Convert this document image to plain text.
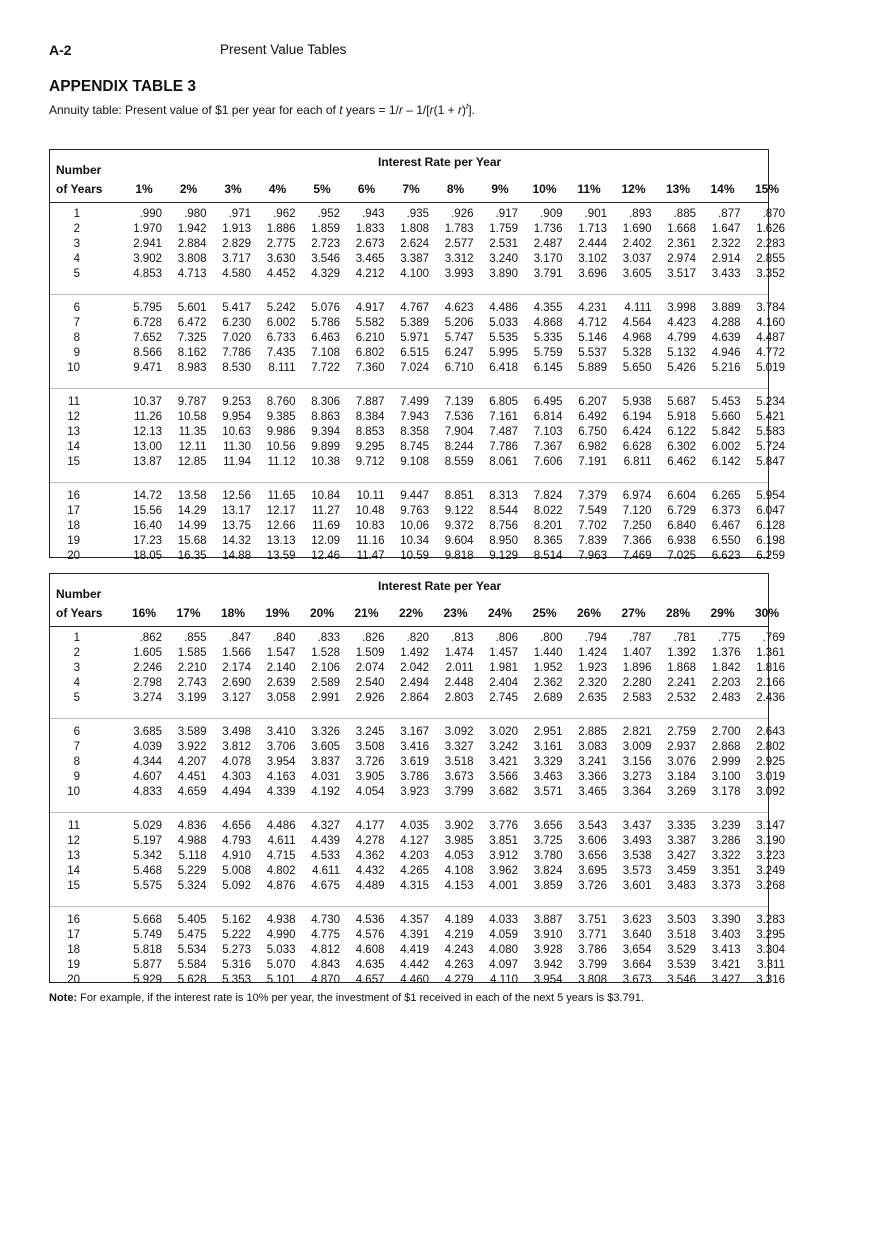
A-2	Present Value Tables
APPENDIX TABLE 3
Annuity table: Present value of $1 per year for each of t years = $1/r - 1/[r(1 + r)^t]$.
Number
of Years
Interest Rate per Year
1%	2%	3%	4%	5%	6%	7%	8%	9%	10%	11%	12%	13%	14%	15%
1	.990	.980	.971	.962	.952	.943	.935	.926	.917	.909	.901	.893	.885	.877	.870
2	1.970	1.942	1.913	1.886	1.859	1.833	1.808	1.783	1.759	1.736	1.713	1.690	1.668	1.647	1.626
3	2.941	2.884	2.829	2.775	2.723	2.673	2.624	2.577	2.531	2.487	2.444	2.402	2.361	2.322	2.283
4	3.902	3.808	3.717	3.630	3.546	3.465	3.387	3.312	3.240	3.170	3.102	3.037	2.974	2.914	2.855
5	4.853	4.713	4.580	4.452	4.329	4.212	4.100	3.993	3.890	3.791	3.696	3.605	3.517	3.433	3.352
6	5.795	5.601	5.417	5.242	5.076	4.917	4.767	4.623	4.486	4.355	4.231	4.111	3.998	3.889	3.784
7	6.728	6.472	6.230	6.002	5.786	5.582	5.389	5.206	5.033	4.868	4.712	4.564	4.423	4.288	4.160
8	7.652	7.325	7.020	6.733	6.463	6.210	5.971	5.747	5.535	5.335	5.146	4.968	4.799	4.639	4.487
9	8.566	8.162	7.786	7.435	7.108	6.802	6.515	6.247	5.995	5.759	5.537	5.328	5.132	4.946	4.772
10	9.471	8.983	8.530	8.111	7.722	7.360	7.024	6.710	6.418	6.145	5.889	5.650	5.426	5.216	5.019
11	10.37	9.787	9.253	8.760	8.306	7.887	7.499	7.139	6.805	6.495	6.207	5.938	5.687	5.453	5.234
12	11.26	10.58	9.954	9.385	8.863	8.384	7.943	7.536	7.161	6.814	6.492	6.194	5.918	5.660	5.421
13	12.13	11.35	10.63	9.986	9.394	8.853	8.358	7.904	7.487	7.103	6.750	6.424	6.122	5.842	5.583
14	13.00	12.11	11.30	10.56	9.899	9.295	8.745	8.244	7.786	7.367	6.982	6.628	6.302	6.002	5.724
15	13.87	12.85	11.94	11.12	10.38	9.712	9.108	8.559	8.061	7.606	7.191	6.811	6.462	6.142	5.847
16	14.72	13.58	12.56	11.65	10.84	10.11	9.447	8.851	8.313	7.824	7.379	6.974	6.604	6.265	5.954
17	15.56	14.29	13.17	12.17	11.27	10.48	9.763	9.122	8.544	8.022	7.549	7.120	6.729	6.373	6.047
18	16.40	14.99	13.75	12.66	11.69	10.83	10.06	9.372	8.756	8.201	7.702	7.250	6.840	6.467	6.128
19	17.23	15.68	14.32	13.13	12.09	11.16	10.34	9.604	8.950	8.365	7.839	7.366	6.938	6.550	6.198
20	18.05	16.35	14.88	13.59	12.46	11.47	10.59	9.818	9.129	8.514	7.963	7.469	7.025	6.623	6.259
Number
of Years
Interest Rate per Year
16%	17%	18%	19%	20%	21%	22%	23%	24%	25%	26%	27%	28%	29%	30%
1	.862	.855	.847	.840	.833	.826	.820	.813	.806	.800	.794	.787	.781	.775	.769
2	1.605	1.585	1.566	1.547	1.528	1.509	1.492	1.474	1.457	1.440	1.424	1.407	1.392	1.376	1.361
3	2.246	2.210	2.174	2.140	2.106	2.074	2.042	2.011	1.981	1.952	1.923	1.896	1.868	1.842	1.816
4	2.798	2.743	2.690	2.639	2.589	2.540	2.494	2.448	2.404	2.362	2.320	2.280	2.241	2.203	2.166
5	3.274	3.199	3.127	3.058	2.991	2.926	2.864	2.803	2.745	2.689	2.635	2.583	2.532	2.483	2.436
6	3.685	3.589	3.498	3.410	3.326	3.245	3.167	3.092	3.020	2.951	2.885	2.821	2.759	2.700	2.643
7	4.039	3.922	3.812	3.706	3.605	3.508	3.416	3.327	3.242	3.161	3.083	3.009	2.937	2.868	2.802
8	4.344	4.207	4.078	3.954	3.837	3.726	3.619	3.518	3.421	3.329	3.241	3.156	3.076	2.999	2.925
9	4.607	4.451	4.303	4.163	4.031	3.905	3.786	3.673	3.566	3.463	3.366	3.273	3.184	3.100	3.019
10	4.833	4.659	4.494	4.339	4.192	4.054	3.923	3.799	3.682	3.571	3.465	3.364	3.269	3.178	3.092
11	5.029	4.836	4.656	4.486	4.327	4.177	4.035	3.902	3.776	3.656	3.543	3.437	3.335	3.239	3.147
12	5.197	4.988	4.793	4.611	4.439	4.278	4.127	3.985	3.851	3.725	3.606	3.493	3.387	3.286	3.190
13	5.342	5.118	4.910	4.715	4.533	4.362	4.203	4.053	3.912	3.780	3.656	3.538	3.427	3.322	3.223
14	5.468	5.229	5.008	4.802	4.611	4.432	4.265	4.108	3.962	3.824	3.695	3.573	3.459	3.351	3.249
15	5.575	5.324	5.092	4.876	4.675	4.489	4.315	4.153	4.001	3.859	3.726	3.601	3.483	3.373	3.268
16	5.668	5.405	5.162	4.938	4.730	4.536	4.357	4.189	4.033	3.887	3.751	3.623	3.503	3.390	3.283
17	5.749	5.475	5.222	4.990	4.775	4.576	4.391	4.219	4.059	3.910	3.771	3.640	3.518	3.403	3.295
18	5.818	5.534	5.273	5.033	4.812	4.608	4.419	4.243	4.080	3.928	3.786	3.654	3.529	3.413	3.304
19	5.877	5.584	5.316	5.070	4.843	4.635	4.442	4.263	4.097	3.942	3.799	3.664	3.539	3.421	3.311
20	5.929	5.628	5.353	5.101	4.870	4.657	4.460	4.279	4.110	3.954	3.808	3.673	3.546	3.427	3.316
Note: For example, if the interest rate is 10% per year, the investment of $1 received in each of the next 5 years is $3.791.
